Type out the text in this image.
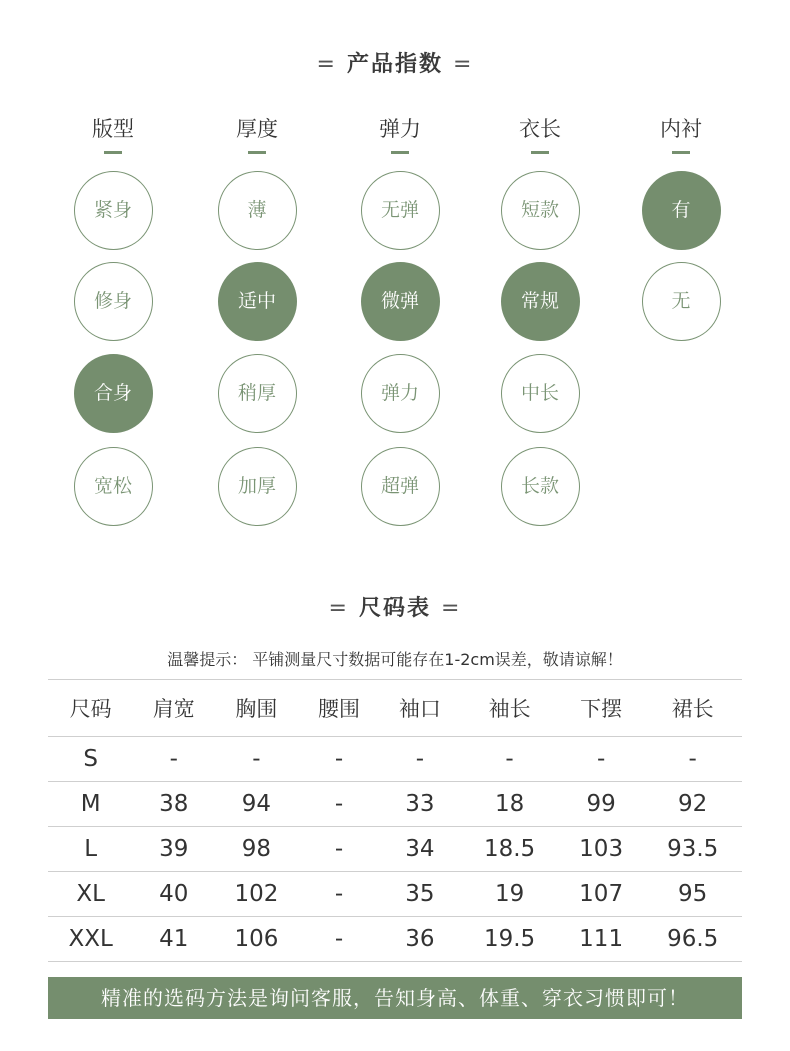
= 产品指数 =
版型
紧身
修身
合身
宽松
厚度
薄
适中
稍厚
加厚
弹力
无弹
微弹
弹力
超弹
衣长
短款
常规
中长
长款
内衬
有
无
= 尺码表 =
温馨提示： 平铺测量尺寸数据可能存在1-2cm误差，敬请谅解！
尺码	肩宽	胸围	腰围	袖口	袖长	下摆	裙长
S	-	-	-	-	-	-	-
M	38	94	-	33	18	99	92
L	39	98	-	34	18.5	103	93.5
XL	40	102	-	35	19	107	95
XXL	41	106	-	36	19.5	111	96.5
精准的选码方法是询问客服，告知身高、体重、穿衣习惯即可！
